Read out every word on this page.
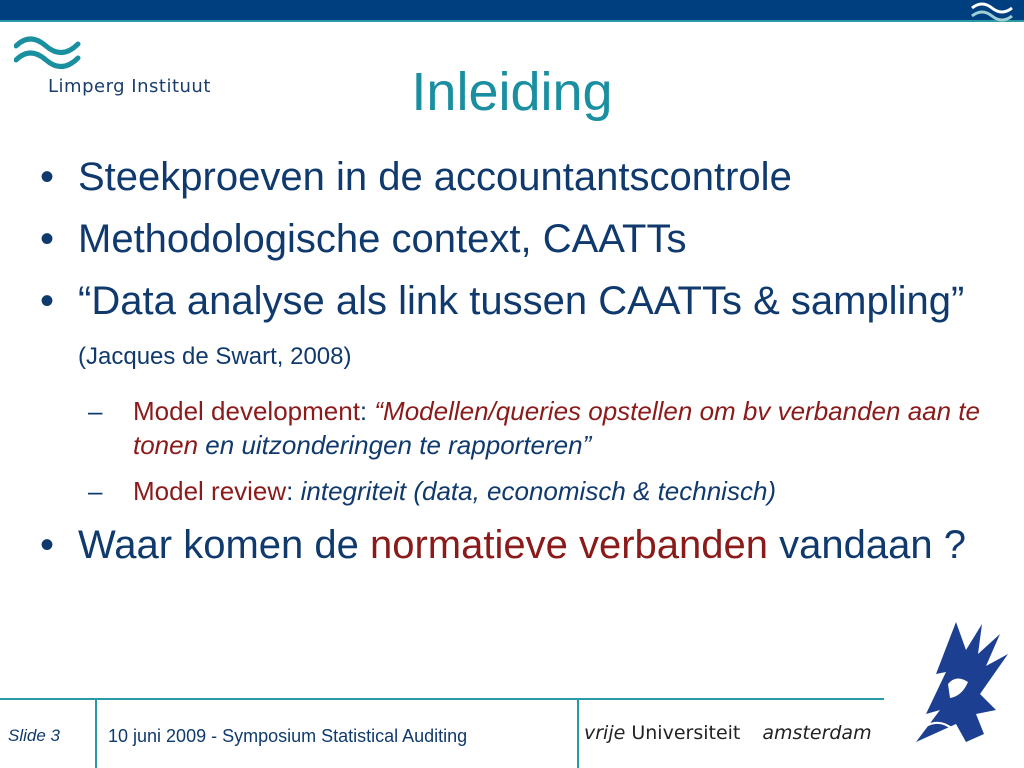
Limperg Instituut	Inleiding
• Steekproeven in de accountantscontrole
• Methodologische context, CAATTs
• “Data analyse als link tussen CAATTs & sampling” (Jacques de Swart, 2008)
– Model development: “Modellen/queries opstellen om bv verbanden aan te tonen en uitzonderingen te rapporteren”
– Model review: integriteit (data, economisch & technisch)
• Waar komen de normatieve verbanden vandaan ?
Slide 3	10 juni 2009 - Symposium Statistical Auditing	vrije Universiteit amsterdam
